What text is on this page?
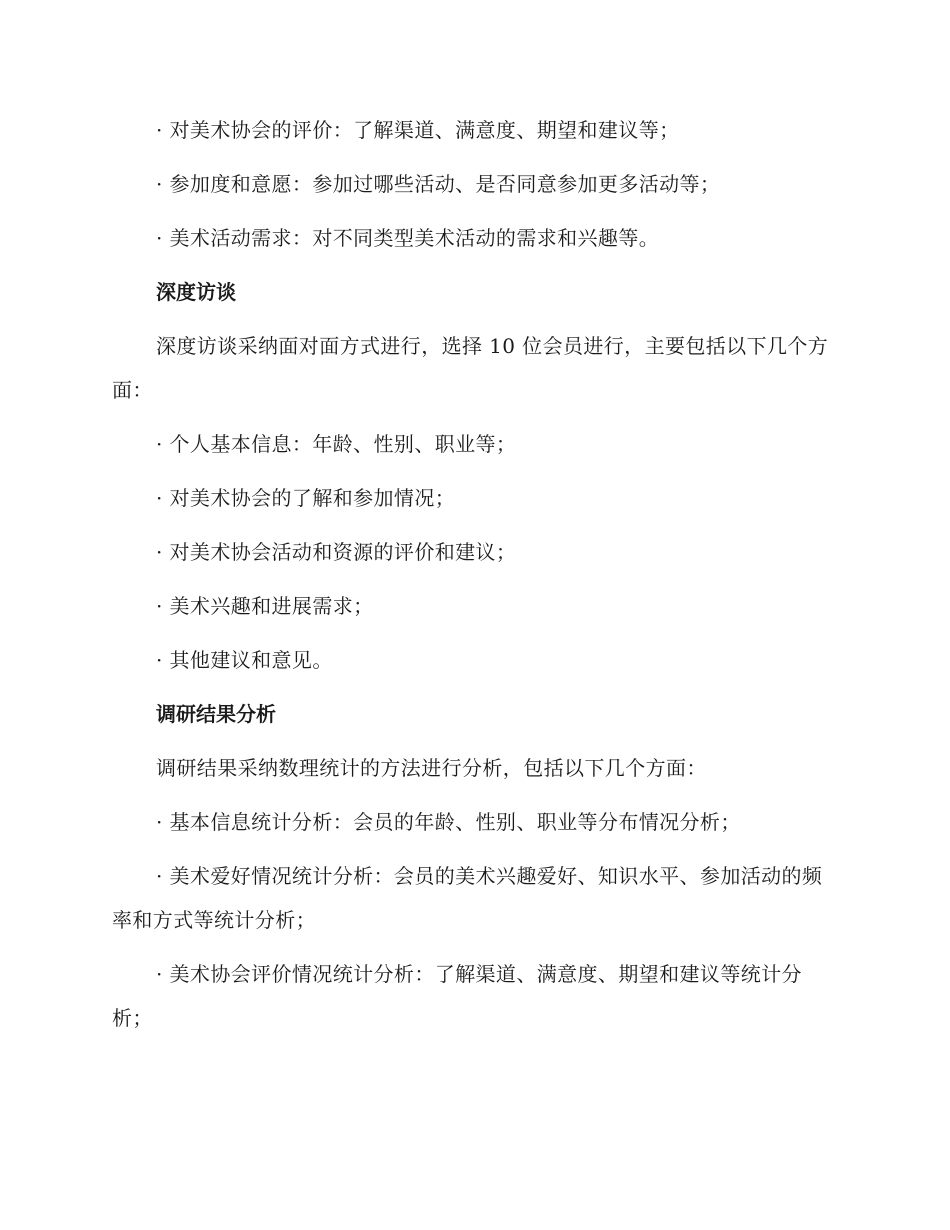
· 对美术协会的评价：了解渠道、满意度、期望和建议等；

· 参加度和意愿：参加过哪些活动、是否同意参加更多活动等；

· 美术活动需求：对不同类型美术活动的需求和兴趣等。

深度访谈

深度访谈采纳面对面方式进行，选择 10 位会员进行，主要包括以下几个方面：

· 个人基本信息：年龄、性别、职业等；

· 对美术协会的了解和参加情况；

· 对美术协会活动和资源的评价和建议；

· 美术兴趣和进展需求；

· 其他建议和意见。

调研结果分析

调研结果采纳数理统计的方法进行分析，包括以下几个方面：

· 基本信息统计分析：会员的年龄、性别、职业等分布情况分析；

· 美术爱好情况统计分析：会员的美术兴趣爱好、知识水平、参加活动的频率和方式等统计分析；

· 美术协会评价情况统计分析：了解渠道、满意度、期望和建议等统计分析；
